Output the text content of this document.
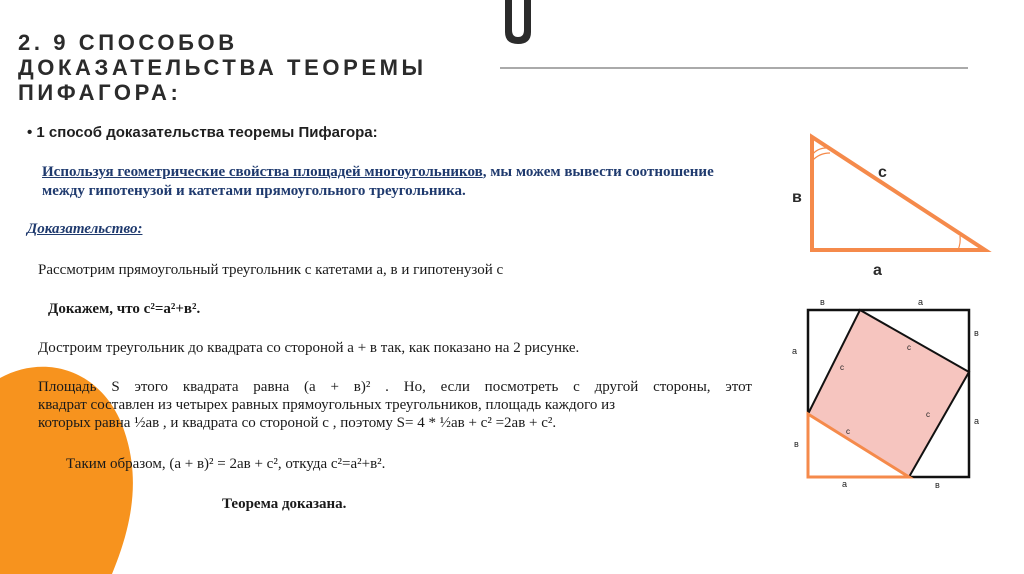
2. 9 СПОСОБОВ
ДОКАЗАТЕЛЬСТВА ТЕОРЕМЫ
ПИФАГОРА:
• 1 способ доказательства теоремы Пифагора:
Используя геометрические свойства площадей многоугольников, мы можем вывести соотношение между гипотенузой и катетами прямоугольного треугольника.
Доказательство:
Рассмотрим прямоугольный треугольник с катетами а, в и гипотенузой с
Докажем, что с²=а²+в².
Достроим треугольник до квадрата со стороной а + в так, как показано на 2 рисунке.
Площадь S этого квадрата равна (а + в)² . Но, если посмотреть с другой стороны, этот
квадрат составлен из четырех равных прямоугольных треугольников, площадь каждого из
которых равна ½ав , и квадрата со стороной с , поэтому S= 4 * ½ав + с² =2ав + с².
Таким образом, (а + в)² = 2ав + с², откуда с²=а²+в².
Теорема доказана.
в
с
а
в	а
в
а
а
в
а	в
с
с
с
с
